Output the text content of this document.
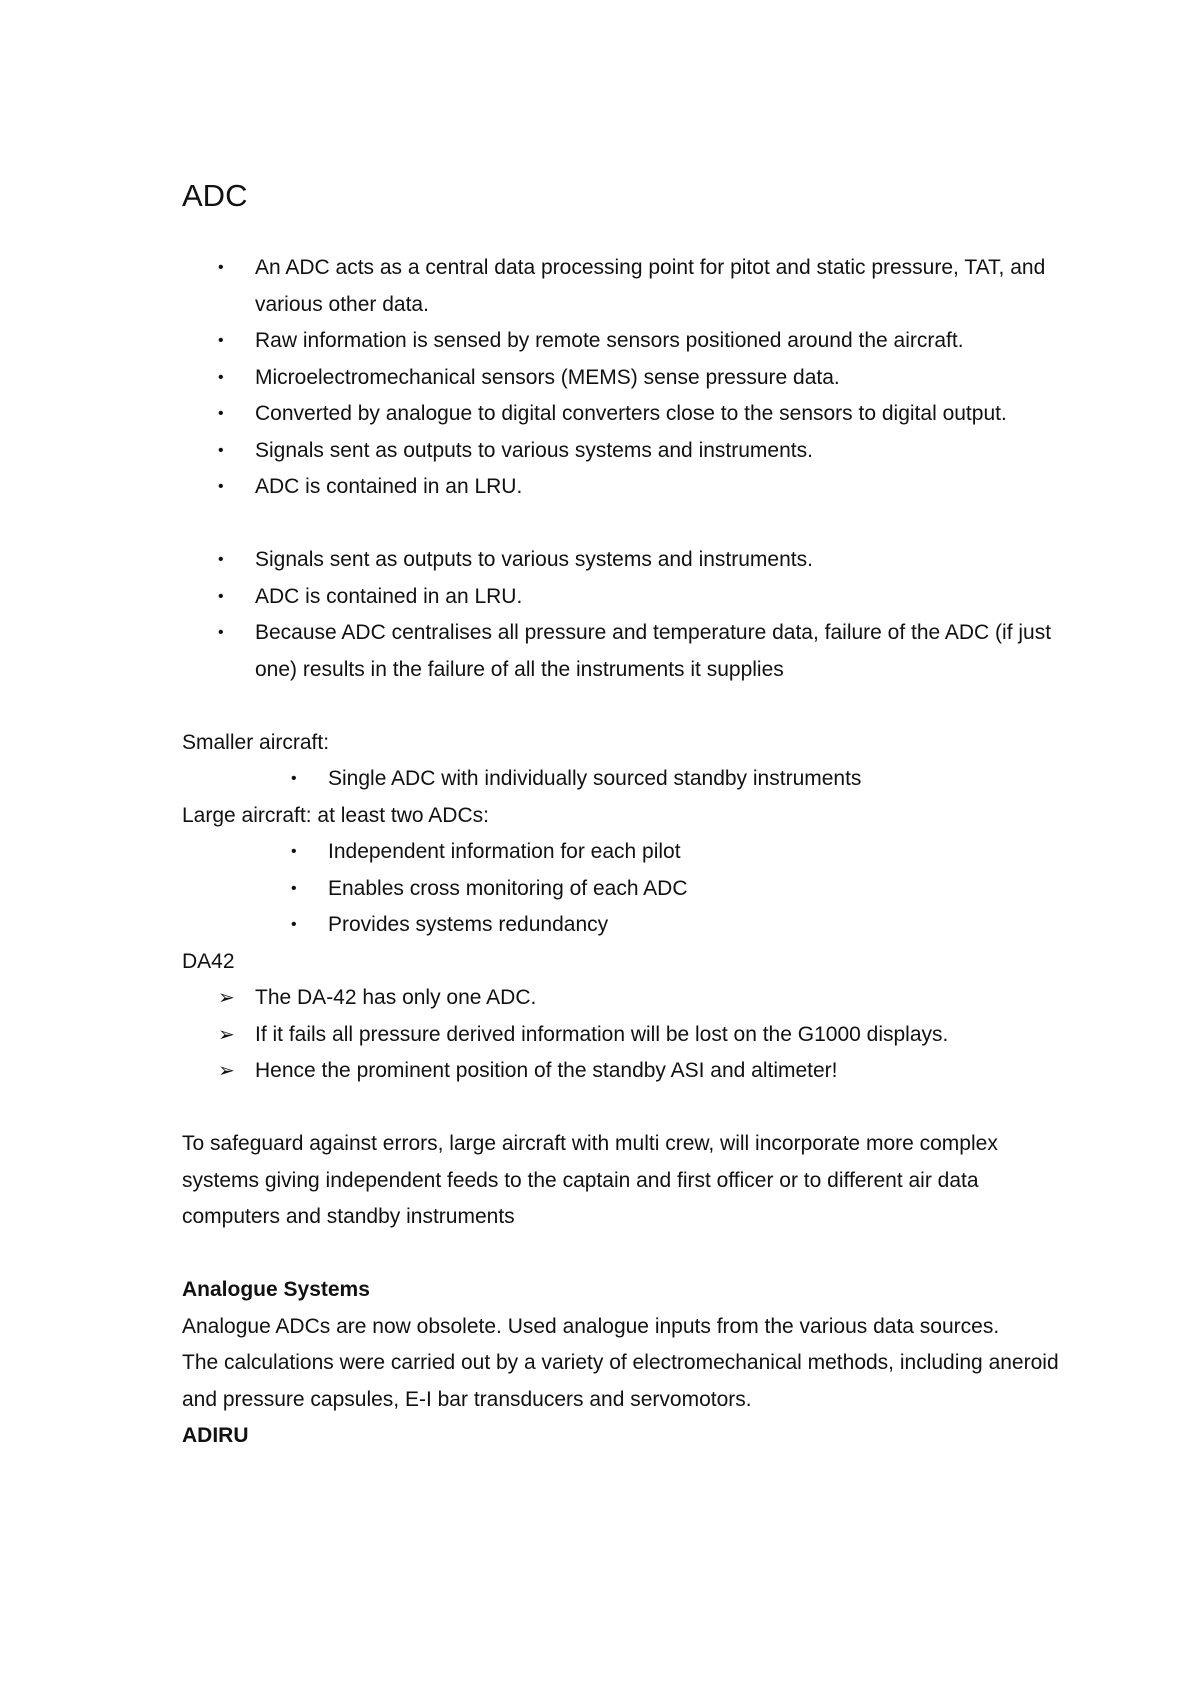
ADC
• An ADC acts as a central data processing point for pitot and static pressure, TAT, and various other data.
• Raw information is sensed by remote sensors positioned around the aircraft.
• Microelectromechanical sensors (MEMS) sense pressure data.
• Converted by analogue to digital converters close to the sensors to digital output.
• Signals sent as outputs to various systems and instruments.
• ADC is contained in an LRU.
• Signals sent as outputs to various systems and instruments.
• ADC is contained in an LRU.
• Because ADC centralises all pressure and temperature data, failure of the ADC (if just one) results in the failure of all the instruments it supplies
Smaller aircraft:
• Single ADC with individually sourced standby instruments
Large aircraft: at least two ADCs:
• Independent information for each pilot
• Enables cross monitoring of each ADC
• Provides systems redundancy
DA42
➢ The DA-42 has only one ADC.
➢ If it fails all pressure derived information will be lost on the G1000 displays.
➢ Hence the prominent position of the standby ASI and altimeter!
To safeguard against errors, large aircraft with multi crew, will incorporate more complex systems giving independent feeds to the captain and first officer or to different air data computers and standby instruments
Analogue Systems
Analogue ADCs are now obsolete. Used analogue inputs from the various data sources.
The calculations were carried out by a variety of electromechanical methods, including aneroid and pressure capsules, E-I bar transducers and servomotors.
ADIRU
